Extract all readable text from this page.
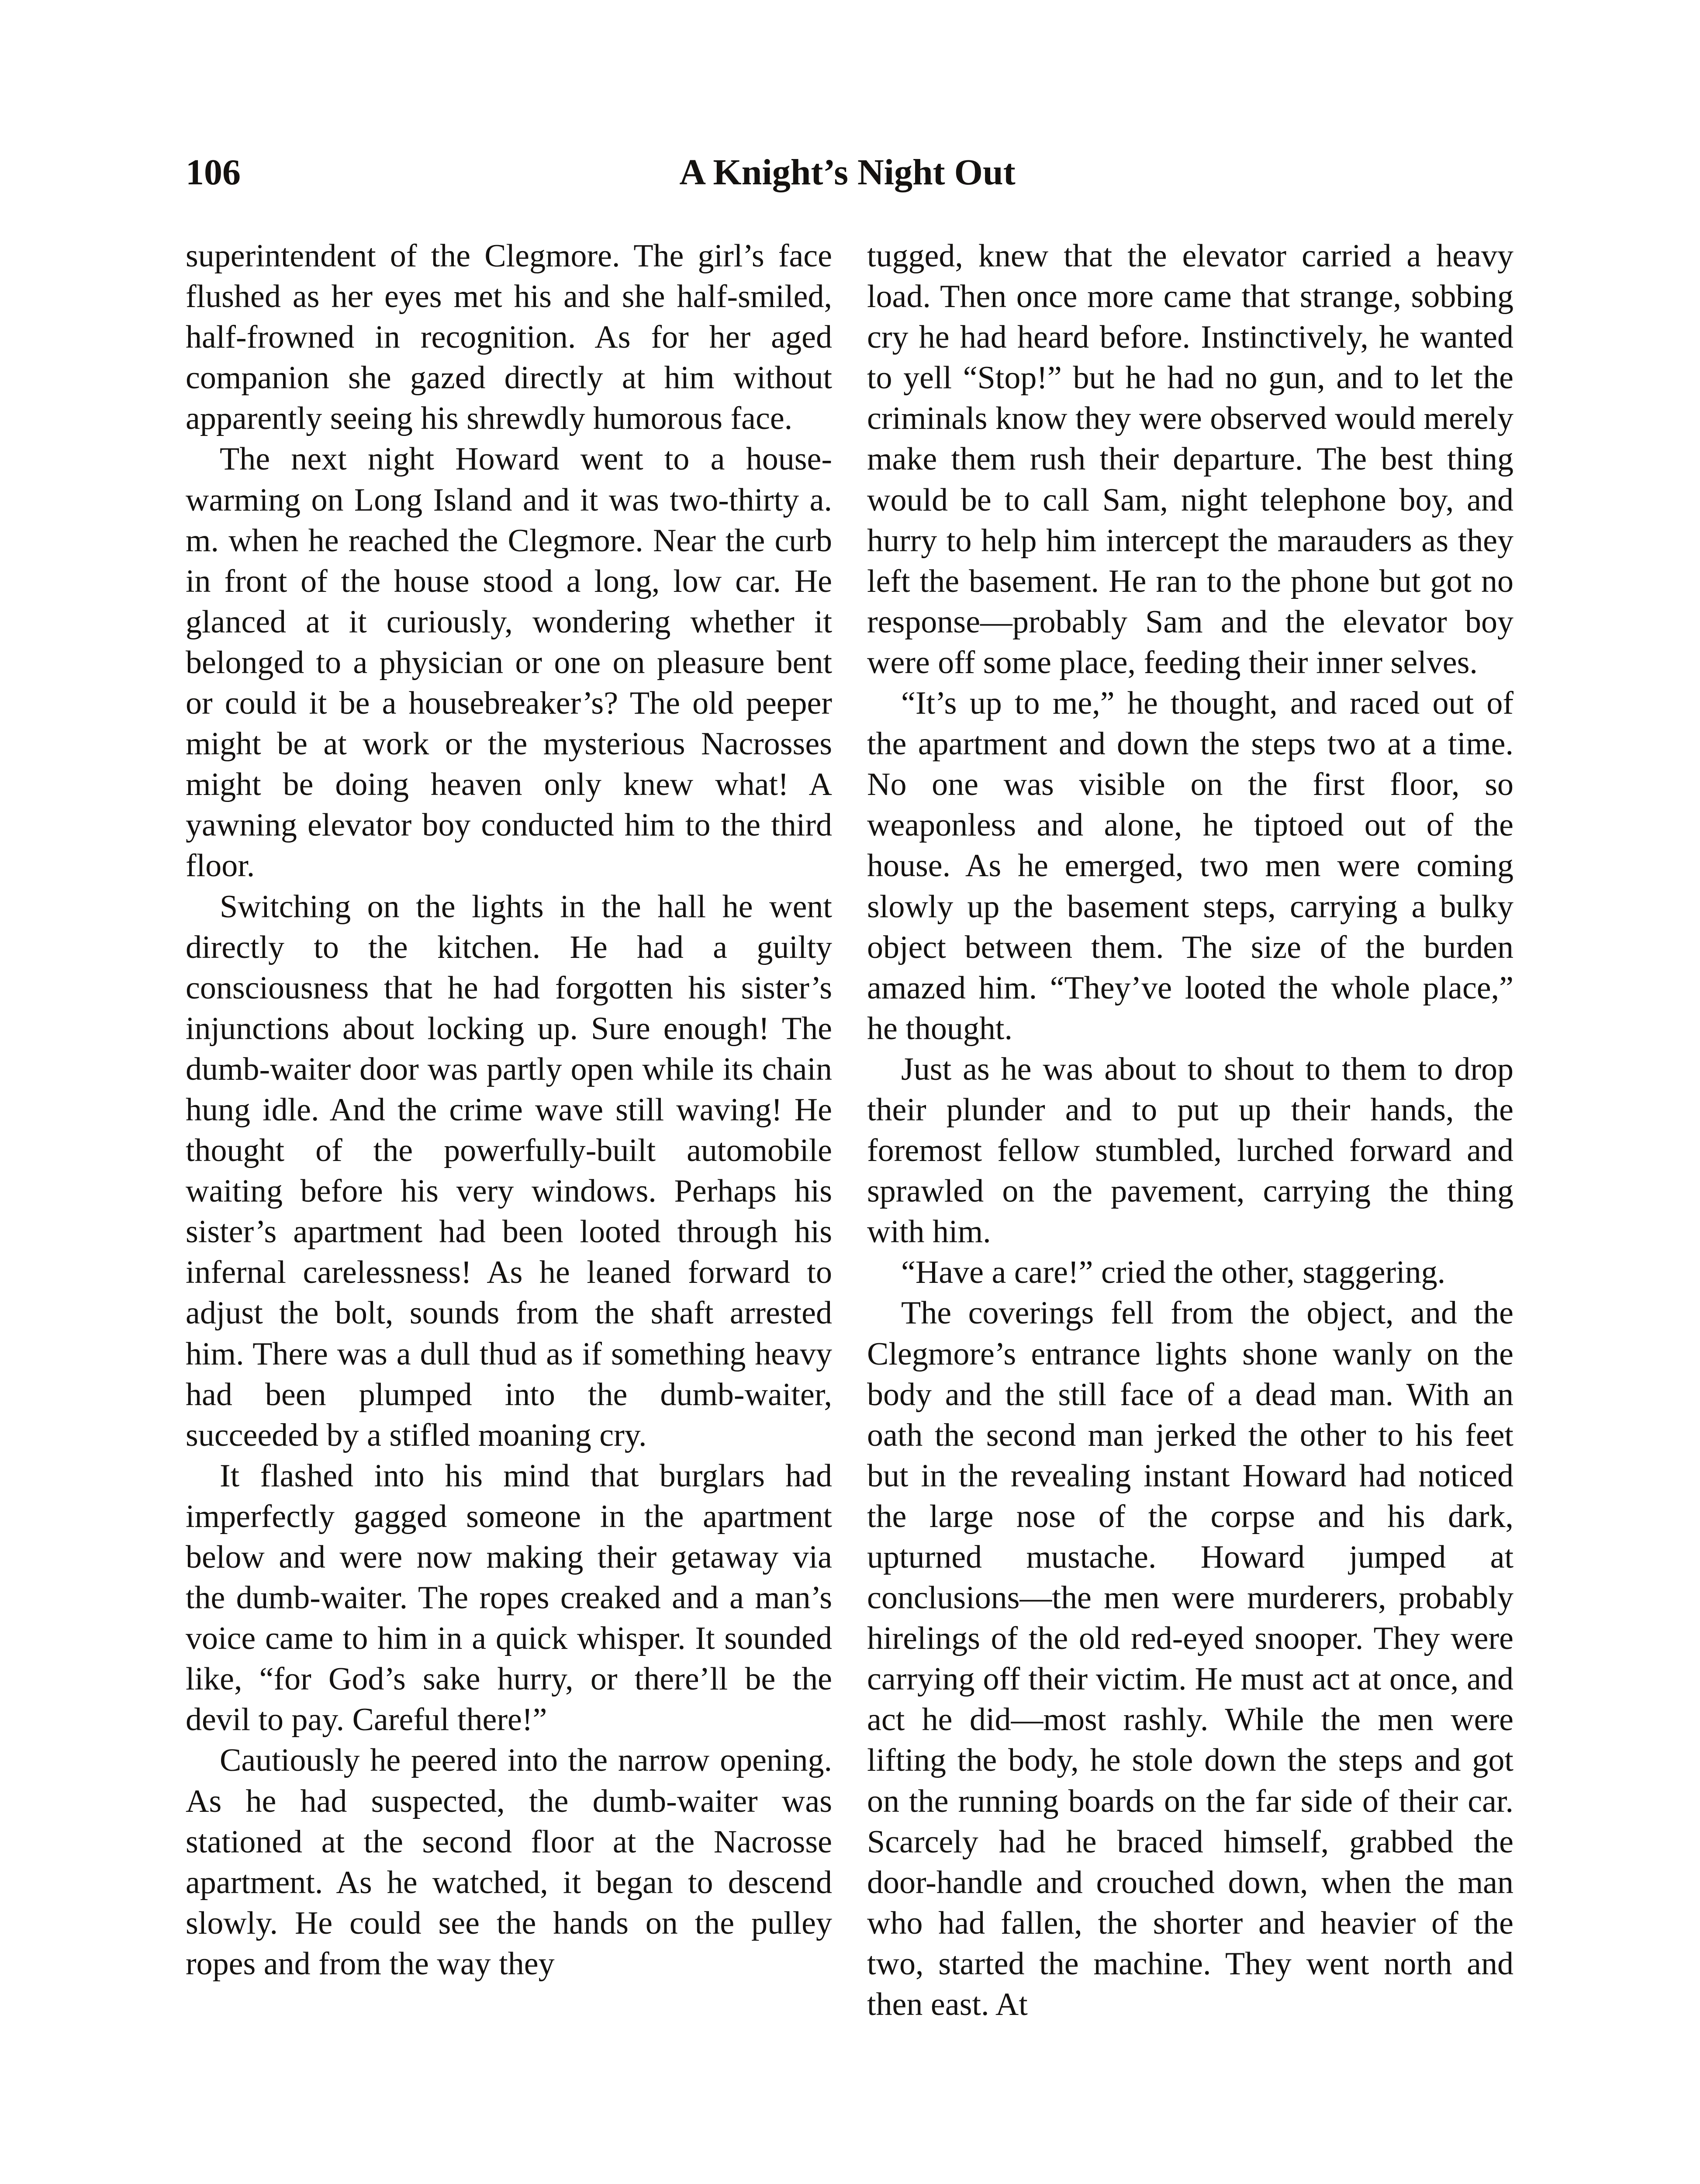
106	A Knight’s Night Out

superintendent of the Clegmore. The girl’s face flushed as her eyes met his and she half-smiled, half-frowned in recognition. As for her aged companion she gazed directly at him without apparently seeing his shrewdly humorous face.

The next night Howard went to a house-warming on Long Island and it was two-thirty a. m. when he reached the Clegmore. Near the curb in front of the house stood a long, low car. He glanced at it curiously, wondering whether it belonged to a physician or one on pleasure bent or could it be a housebreaker’s? The old peeper might be at work or the mysterious Nacrosses might be doing heaven only knew what! A yawning elevator boy conducted him to the third floor.

Switching on the lights in the hall he went directly to the kitchen. He had a guilty consciousness that he had forgotten his sister’s injunctions about locking up. Sure enough! The dumb-waiter door was partly open while its chain hung idle. And the crime wave still waving! He thought of the powerfully-built automobile waiting before his very windows. Perhaps his sister’s apartment had been looted through his infernal carelessness! As he leaned forward to adjust the bolt, sounds from the shaft arrested him. There was a dull thud as if something heavy had been plumped into the dumb-waiter, succeeded by a stifled moaning cry.

It flashed into his mind that burglars had imperfectly gagged someone in the apartment below and were now making their getaway via the dumb-waiter. The ropes creaked and a man’s voice came to him in a quick whisper. It sounded like, “for God’s sake hurry, or there’ll be the devil to pay. Careful there!”

Cautiously he peered into the narrow opening. As he had suspected, the dumb-waiter was stationed at the second floor at the Nacrosse apartment. As he watched, it began to descend slowly. He could see the hands on the pulley ropes and from the way they

tugged, knew that the elevator carried a heavy load. Then once more came that strange, sobbing cry he had heard before. Instinctively, he wanted to yell “Stop!” but he had no gun, and to let the criminals know they were observed would merely make them rush their departure. The best thing would be to call Sam, night telephone boy, and hurry to help him intercept the marauders as they left the basement. He ran to the phone but got no response—probably Sam and the elevator boy were off some place, feeding their inner selves.

“It’s up to me,” he thought, and raced out of the apartment and down the steps two at a time. No one was visible on the first floor, so weaponless and alone, he tiptoed out of the house. As he emerged, two men were coming slowly up the basement steps, carrying a bulky object between them. The size of the burden amazed him. “They’ve looted the whole place,” he thought.

Just as he was about to shout to them to drop their plunder and to put up their hands, the foremost fellow stumbled, lurched forward and sprawled on the pavement, carrying the thing with him.

“Have a care!” cried the other, staggering.

The coverings fell from the object, and the Clegmore’s entrance lights shone wanly on the body and the still face of a dead man. With an oath the second man jerked the other to his feet but in the revealing instant Howard had noticed the large nose of the corpse and his dark, upturned mustache. Howard jumped at conclusions—the men were murderers, probably hirelings of the old red-eyed snooper. They were carrying off their victim. He must act at once, and act he did—most rashly. While the men were lifting the body, he stole down the steps and got on the running boards on the far side of their car. Scarcely had he braced himself, grabbed the door-handle and crouched down, when the man who had fallen, the shorter and heavier of the two, started the machine. They went north and then east. At
